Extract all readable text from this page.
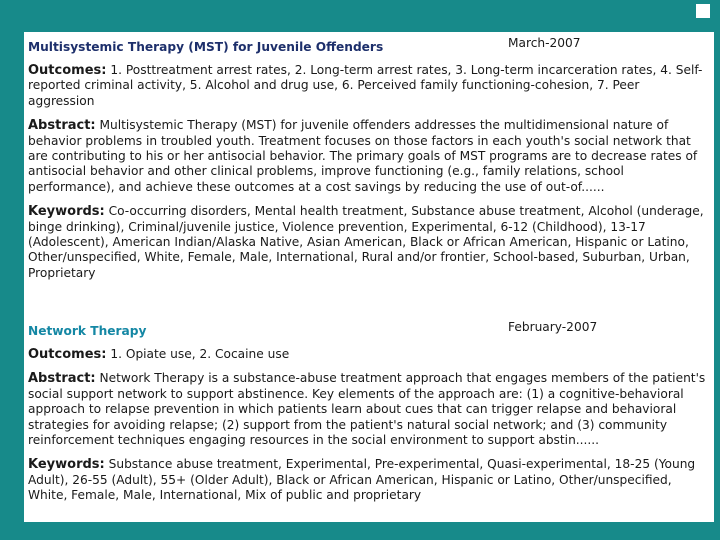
Multisystemic Therapy (MST) for Juvenile Offenders	March-2007

Outcomes: 1. Posttreatment arrest rates, 2. Long-term arrest rates, 3. Long-term incarceration rates, 4. Self-reported criminal activity, 5. Alcohol and drug use, 6. Perceived family functioning-cohesion, 7. Peer aggression

Abstract: Multisystemic Therapy (MST) for juvenile offenders addresses the multidimensional nature of behavior problems in troubled youth. Treatment focuses on those factors in each youth's social network that are contributing to his or her antisocial behavior. The primary goals of MST programs are to decrease rates of antisocial behavior and other clinical problems, improve functioning (e.g., family relations, school performance), and achieve these outcomes at a cost savings by reducing the use of out-of......

Keywords: Co-occurring disorders, Mental health treatment, Substance abuse treatment, Alcohol (underage, binge drinking), Criminal/juvenile justice, Violence prevention, Experimental, 6-12 (Childhood), 13-17 (Adolescent), American Indian/Alaska Native, Asian American, Black or African American, Hispanic or Latino, Other/unspecified, White, Female, Male, International, Rural and/or frontier, School-based, Suburban, Urban, Proprietary

Network Therapy	February-2007

Outcomes: 1. Opiate use, 2. Cocaine use

Abstract: Network Therapy is a substance-abuse treatment approach that engages members of the patient's social support network to support abstinence. Key elements of the approach are: (1) a cognitive-behavioral approach to relapse prevention in which patients learn about cues that can trigger relapse and behavioral strategies for avoiding relapse; (2) support from the patient's natural social network; and (3) community reinforcement techniques engaging resources in the social environment to support abstin......

Keywords: Substance abuse treatment, Experimental, Pre-experimental, Quasi-experimental, 18-25 (Young Adult), 26-55 (Adult), 55+ (Older Adult), Black or African American, Hispanic or Latino, Other/unspecified, White, Female, Male, International, Mix of public and proprietary
